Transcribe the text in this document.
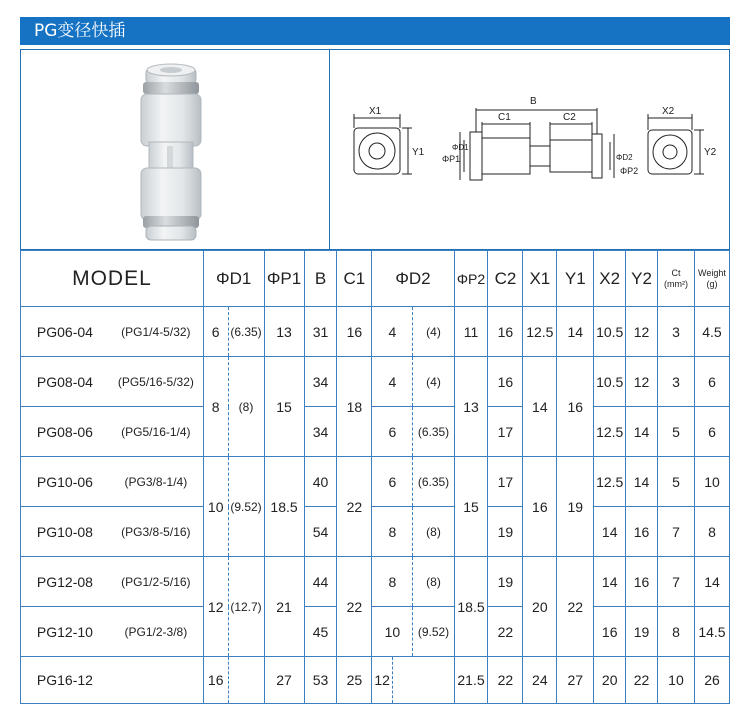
PG变径快插
X1
Y1
B
C1	C2
X2
Y2
ΦP1
ΦD1
ΦD2
ΦP2
MODEL		ΦD1		ΦP1	B	C1	ΦD2			ΦP2	C2	X1	Y1	X2	Y2	Ct
(mm²)	Weight
(g)
PG06-04	(PG1/4-5/32)	6	(6.35)	13	31	16	4		(4)	11	16	12.5	14	10.5	12	3	4.5
PG08-04	(PG5/16-5/32)	8	(8)	15	34	18	4		(4)	13	16	14	16	10.5	12	3	6
PG08-06	(PG5/16-1/4)				34		6		(6.35)		17			12.5	14	5	6
PG10-06	(PG3/8-1/4)	10	(9.52)	18.5	40	22	6		(6.35)	15	17	16	19	12.5	14	5	10
PG10-08	(PG3/8-5/16)				54		8		(8)		19			14	16	7	8
PG12-08	(PG1/2-5/16)	12	(12.7)	21	44	22	8		(8)	18.5	19	20	22	14	16	7	14
PG12-10	(PG1/2-3/8)				45		10		(9.52)		22			16	19	8	14.5
PG16-12		16		27	53	25	12			21.5	22	24	27	20	22	10	26
